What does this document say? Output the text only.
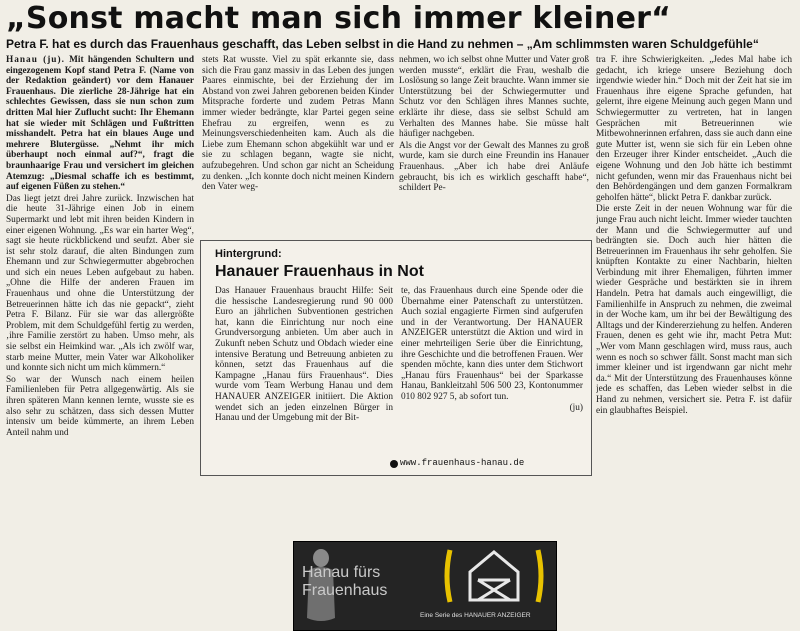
„Sonst macht man sich immer kleiner“
Petra F. hat es durch das Frauenhaus geschafft, das Leben selbst in die Hand zu nehmen – „Am schlimmsten waren Schuldgefühle“

Hanau (ju). Mit hängenden Schultern und eingezogenem Kopf stand Petra F. (Name von der Redaktion geändert) vor dem Hanauer Frauenhaus. Die zierliche 28-Jährige hat ein schlechtes Gewissen, dass sie nun schon zum dritten Mal hier Zuflucht sucht: Ihr Ehemann hat sie wieder mit Schlägen und Fußtritten misshandelt. Petra hat ein blaues Auge und mehrere Blutergüsse. „Nehmt ihr mich überhaupt noch einmal auf?“, fragt die braunhaarige Frau und versichert im gleichen Atemzug: „Diesmal schaffe ich es bestimmt, auf eigenen Füßen zu stehen.“

Das liegt jetzt drei Jahre zurück. Inzwischen hat die heute 31-Jährige einen Job in einem Supermarkt und lebt mit ihren beiden Kindern in einer eigenen Wohnung. „Es war ein harter Weg“, sagt sie heute rückblickend und seufzt. Aber sie ist sehr stolz darauf, die alten Bindungen zum Ehemann und zur Schwiegermutter abgebrochen und sich ein neues Leben aufgebaut zu haben. „Ohne die Hilfe der anderen Frauen im Frauenhaus und ohne die Unterstützung der Betreuerinnen hätte ich das nie gepackt“, zieht Petra F. Bilanz. Für sie war das allergrößte Problem, mit dem Schuldgefühl fertig zu werden, ‚ihre Familie zerstört zu haben. Umso mehr, als sie selbst ein Heimkind war. „Als ich zwölf war, starb meine Mutter, mein Vater war Alkoholiker und konnte sich nicht um mich kümmern.“

So war der Wunsch nach einem heilen Familienleben für Petra allgegenwärtig. Als sie ihren späteren Mann kennen lernte, wusste sie es also sehr zu schätzen, dass sich dessen Mutter intensiv um beide kümmerte, an ihrem Leben Anteil nahm und

stets Rat wusste. Viel zu spät erkannte sie, dass sich die Frau ganz massiv in das Leben des jungen Paares einmischte, bei der Erziehung der im Abstand von zwei Jahren geborenen beiden Kinder Mitsprache forderte und zudem Petras Mann immer wieder bedrängte, klar Partei gegen seine Ehefrau zu ergreifen, wenn es zu Meinungsverschiedenheiten kam. Auch als die Liebe zum Ehemann schon abgekühlt war und er sie zu schlagen begann, wagte sie nicht, aufzubegehren. Und schon gar nicht an Scheidung zu denken. „Ich konnte doch nicht meinen Kindern den Vater weg-

nehmen, wo ich selbst ohne Mutter und Vater groß werden musste“, erklärt die Frau, weshalb die Loslösung so lange Zeit brauchte. Wann immer sie Unterstützung bei der Schwiegermutter und Schutz vor den Schlägen ihres Mannes suchte, erklärte ihr diese, dass sie selbst Schuld am Verhalten des Mannes habe. Sie müsse halt häufiger nachgeben.

Als die Angst vor der Gewalt des Mannes zu groß wurde, kam sie durch eine Freundin ins Hanauer Frauenhaus. „Aber ich habe drei Anläufe gebraucht, bis ich es wirklich geschafft habe“, schildert Pe-

tra F. ihre Schwierigkeiten. „Jedes Mal habe ich gedacht, ich kriege unsere Beziehung doch irgendwie wieder hin.“ Doch mit der Zeit hat sie im Frauenhaus ihre eigene Sprache gefunden, hat gelernt, ihre eigene Meinung auch gegen Mann und Schwiegermutter zu vertreten, hat in langen Gesprächen mit Betreuerinnen wie Mitbewohnerinnen erfahren, dass sie auch dann eine gute Mutter ist, wenn sie sich für ein Leben ohne den Erzeuger ihrer Kinder entscheidet. „Auch die eigene Wohnung und den Job hätte ich bestimmt nicht gefunden, wenn mir das Frauenhaus nicht bei den Behördengängen und dem ganzen Formalkram geholfen hätte“, blickt Petra F. dankbar zurück.

Die erste Zeit in der neuen Wohnung war für die junge Frau auch nicht leicht. Immer wieder tauchten der Mann und die Schwiegermutter auf und bedrängten sie. Doch auch hier hätten die Betreuerinnen im Frauenhaus ihr sehr geholfen. Sie knüpften Kontakte zu einer Nachbarin, hielten Verbindung mit ihrer Ehemaligen, führten immer wieder Gespräche und bestärkten sie in ihrem Handeln. Petra hat damals auch eingewilligt, die Familienhilfe in Anspruch zu nehmen, die zweimal in der Woche kam, um ihr bei der Bewältigung des Alltags und der Kindererziehung zu helfen. Anderen Frauen, denen es geht wie ihr, macht Petra Mut: „Wer vom Mann geschlagen wird, muss raus, auch wenn es noch so schwer fällt. Sonst macht man sich immer kleiner und ist irgendwann gar nicht mehr da.“ Mit der Unterstützung des Frauenhauses könne jede es schaffen, das Leben wieder selbst in die Hand zu nehmen, versichert sie. Petra F. ist dafür ein glaubhaftes Beispiel.

Hintergrund:
Hanauer Frauenhaus in Not

Das Hanauer Frauenhaus braucht Hilfe: Seit die hessische Landesregierung rund 90 000 Euro an jährlichen Subventionen gestrichen hat, kann die Einrichtung nur noch eine Grundversorgung anbieten. Um aber auch in Zukunft neben Schutz und Obdach wieder eine intensive Beratung und Betreuung anbieten zu können, setzt das Frauenhaus auf die Kampagne „Hanau fürs Frauenhaus“. Dies wurde vom Team Werbung Hanau und dem HANAUER ANZEIGER initiiert. Die Aktion wendet sich an jeden einzelnen Bürger in Hanau und der Umgebung mit der Bit-

te, das Frauenhaus durch eine Spende oder die Übernahme einer Patenschaft zu unterstützen. Auch sozial engagierte Firmen sind aufgerufen und in der Verantwortung. Der HANAUER ANZEIGER unterstützt die Aktion und wird in einer mehrteiligen Serie über die Einrichtung, ihre Geschichte und die betroffenen Frauen. Wer spenden möchte, kann dies unter dem Stichwort „Hanau fürs Frauenhaus“ bei der Sparkasse Hanau, Bankleitzahl 506 500 23, Kontonummer 010 802 927 5, ab sofort tun.

(ju)

Hanau fürs Frauenhaus
Eine Serie des HANAUER ANZEIGER
www.frauenhaus-hanau.de
